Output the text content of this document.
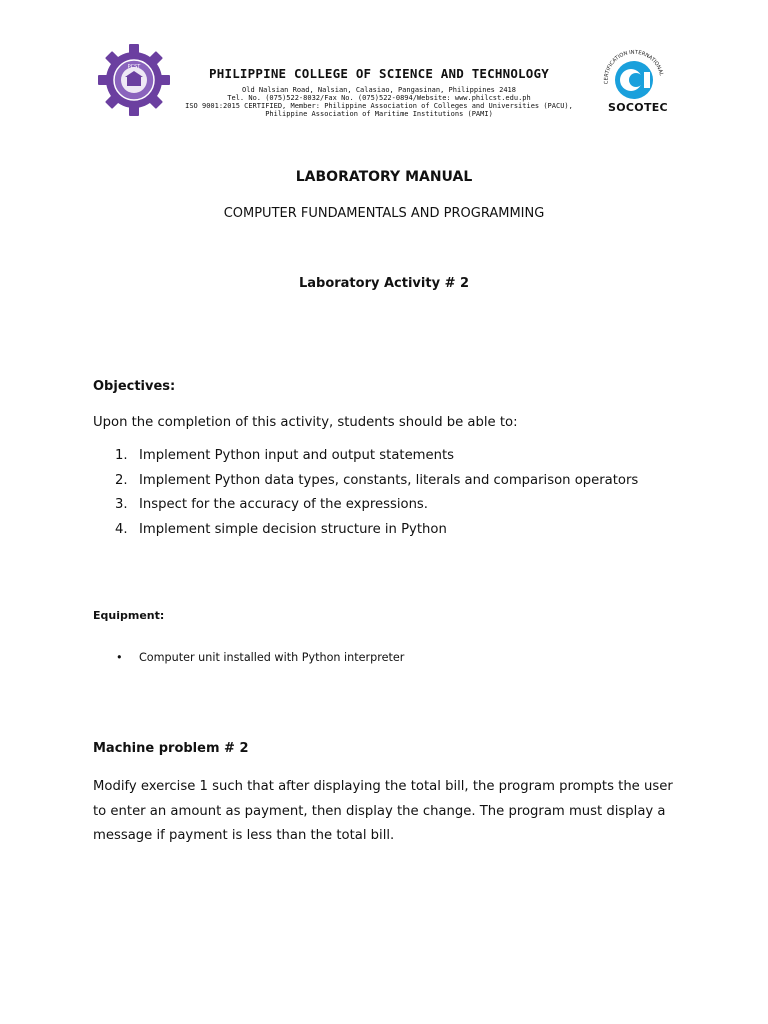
PCST	PHILIPPINE COLLEGE OF SCIENCE AND TECHNOLOGY
Old Nalsian Road, Nalsian, Calasiao, Pangasinan, Philippines 2418
Tel. No. (075)522-8032/Fax No. (075)522-0894/Website: www.philcst.edu.ph
ISO 9001:2015 CERTIFIED, Member: Philippine Association of Colleges and Universities (PACU),
Philippine Association of Maritime Institutions (PAMI)
CERTIFICATION INTERNATIONAL
SOCOTEC
LABORATORY MANUAL
COMPUTER FUNDAMENTALS AND PROGRAMMING
Laboratory Activity # 2
Objectives:
Upon the completion of this activity, students should be able to:
1. Implement Python input and output statements
2. Implement Python data types, constants, literals and comparison operators
3. Inspect for the accuracy of the expressions.
4. Implement simple decision structure in Python
Equipment:
• Computer unit installed with Python interpreter
Machine problem # 2
Modify exercise 1 such that after displaying the total bill, the program prompts the user
to enter an amount as payment, then display the change. The program must display a
message if payment is less than the total bill.
